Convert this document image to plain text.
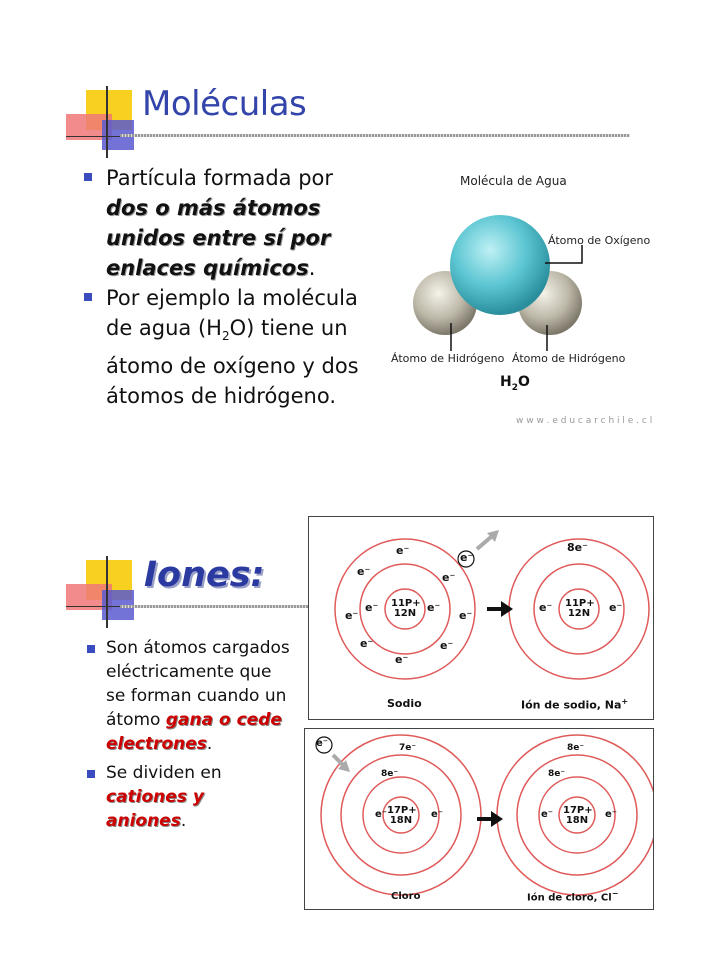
Moléculas
Partícula formada por
dos o más átomos
unidos entre sí por
enlaces químicos.
Por ejemplo la molécula
de agua $(H_2O)$ tiene un
átomo de oxígeno y dos
átomos de hidrógeno.
Molécula de Agua
Átomo de Oxígeno
Átomo de Hidrógeno Átomo de Hidrógeno
$H_2O$
w w w . e d u c a r c h i l e . c l
Iones:
Son átomos cargados
eléctricamente que
se forman cuando un
átomo gana o cede
electrones.
Se dividen en
cationes y
aniones.
11P+
12N
11P+
12N
e⁻
e⁻
e⁻	e⁻
e⁻	e⁻
e⁻	e⁻
e⁻	e⁻
e⁻
8e⁻
e⁻	e⁻
Sodio	Ión de sodio, Na+
e⁻
17P+
18N
17P+
18N
7e⁻
8e⁻
e⁻	e⁻
8e⁻
8e⁻
e⁻	e⁻
Cloro	Ión de cloro, Cl−
